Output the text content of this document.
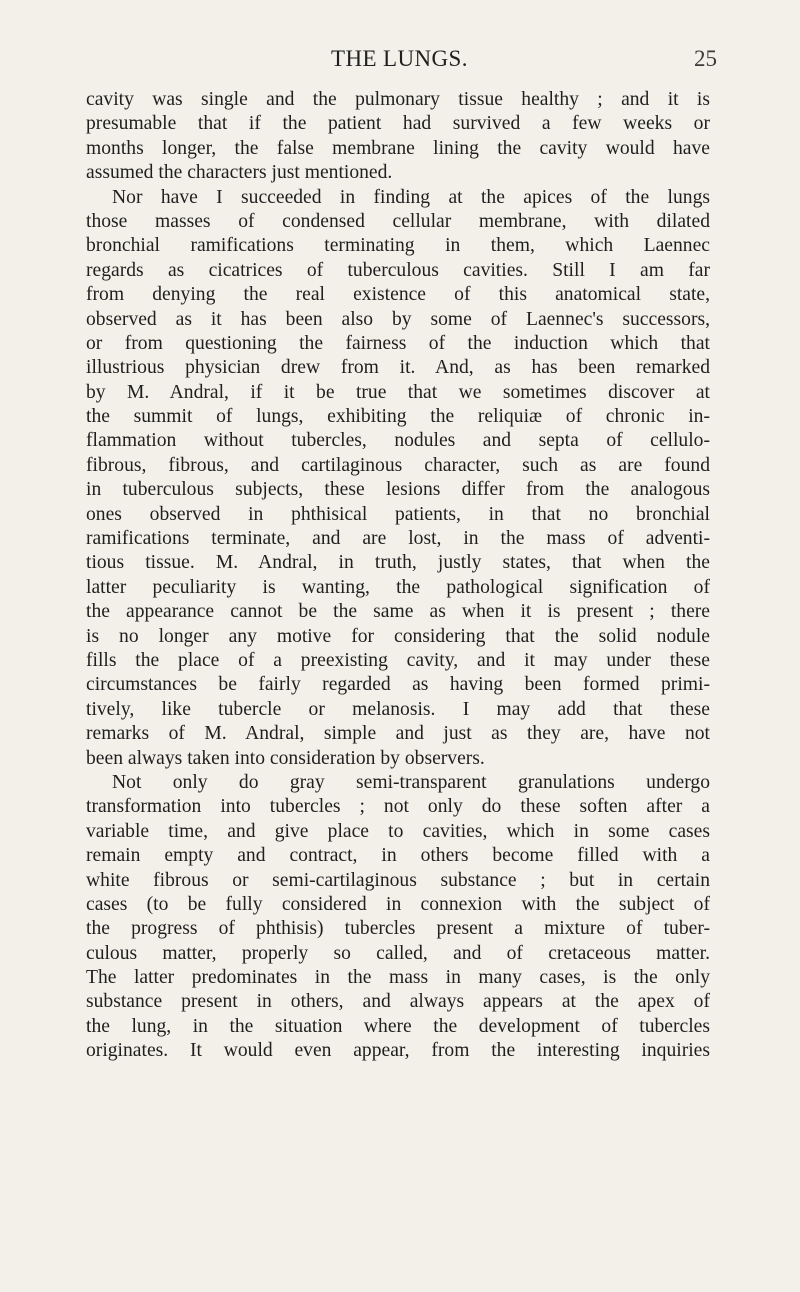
THE LUNGS.	25
cavity was single and the pulmonary tissue healthy ; and it is
presumable that if the patient had survived a few weeks or
months longer, the false membrane lining the cavity would have
assumed the characters just mentioned.
Nor have I succeeded in finding at the apices of the lungs
those masses of condensed cellular membrane, with dilated
bronchial ramifications terminating in them, which Laennec
regards as cicatrices of tuberculous cavities. Still I am far
from denying the real existence of this anatomical state,
observed as it has been also by some of Laennec's successors,
or from questioning the fairness of the induction which that
illustrious physician drew from it. And, as has been remarked
by M. Andral, if it be true that we sometimes discover at
the summit of lungs, exhibiting the reliquiæ of chronic in-
flammation without tubercles, nodules and septa of cellulo-
fibrous, fibrous, and cartilaginous character, such as are found
in tuberculous subjects, these lesions differ from the analogous
ones observed in phthisical patients, in that no bronchial
ramifications terminate, and are lost, in the mass of adventi-
tious tissue. M. Andral, in truth, justly states, that when the
latter peculiarity is wanting, the pathological signification of
the appearance cannot be the same as when it is present ; there
is no longer any motive for considering that the solid nodule
fills the place of a preexisting cavity, and it may under these
circumstances be fairly regarded as having been formed primi-
tively, like tubercle or melanosis. I may add that these
remarks of M. Andral, simple and just as they are, have not
been always taken into consideration by observers.
Not only do gray semi-transparent granulations undergo
transformation into tubercles ; not only do these soften after a
variable time, and give place to cavities, which in some cases
remain empty and contract, in others become filled with a
white fibrous or semi-cartilaginous substance ; but in certain
cases (to be fully considered in connexion with the subject of
the progress of phthisis) tubercles present a mixture of tuber-
culous matter, properly so called, and of cretaceous matter.
The latter predominates in the mass in many cases, is the only
substance present in others, and always appears at the apex of
the lung, in the situation where the development of tubercles
originates. It would even appear, from the interesting inquiries
